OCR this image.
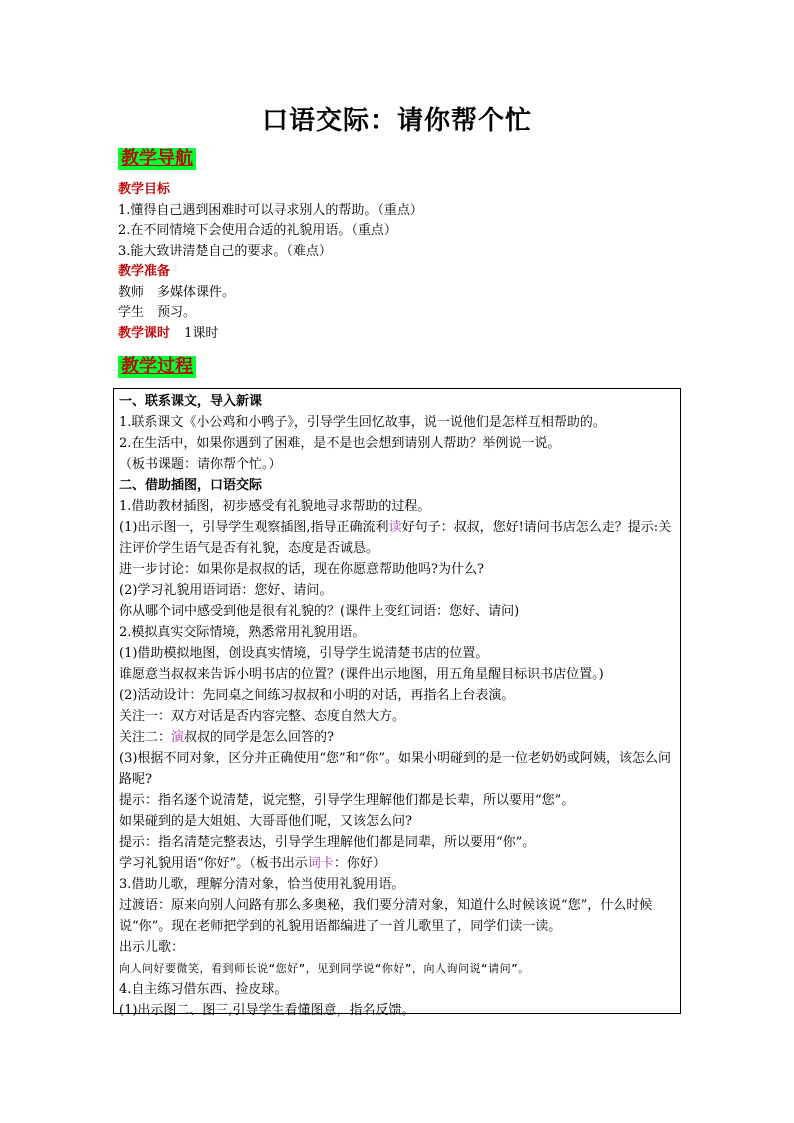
口语交际：请你帮个忙
教学导航
教学目标
1.懂得自己遇到困难时可以寻求别人的帮助。（重点）
2.在不同情境下会使用合适的礼貌用语。（重点）
3.能大致讲清楚自己的要求。（难点）
教学准备
教师　多媒体课件。
学生　预习。
教学课时 1课时
教学过程
一、联系课文，导入新课
1.联系课文《小公鸡和小鸭子》，引导学生回忆故事，说一说他们是怎样互相帮助的。
2.在生活中，如果你遇到了困难，是不是也会想到请别人帮助？举例说一说。
（板书课题：请你帮个忙。）
二、借助插图，口语交际
1.借助教材插图，初步感受有礼貌地寻求帮助的过程。
(1)出示图一，引导学生观察插图,指导正确流利读好句子：叔叔，您好!请问书店怎么走？提示:关注评价学生语气是否有礼貌，态度是否诚恳。
进一步讨论：如果你是叔叔的话，现在你愿意帮助他吗?为什么?
(2)学习礼貌用语词语：您好、请问。
你从哪个词中感受到他是很有礼貌的？(课件上变红词语：您好、请问)
2.模拟真实交际情境，熟悉常用礼貌用语。
(1)借助模拟地图，创设真实情境，引导学生说清楚书店的位置。
谁愿意当叔叔来告诉小明书店的位置？(课件出示地图，用五角星醒目标识书店位置。)
(2)活动设计：先同桌之间练习叔叔和小明的对话，再指名上台表演。
关注一：双方对话是否内容完整、态度自然大方。
关注二：演叔叔的同学是怎么回答的?
(3)根据不同对象，区分并正确使用“您”和“你”。如果小明碰到的是一位老奶奶或阿姨，该怎么问路呢?
提示：指名逐个说清楚，说完整，引导学生理解他们都是长辈，所以要用“您”。
如果碰到的是大姐姐、大哥哥他们呢，又该怎么问?
提示：指名清楚完整表达，引导学生理解他们都是同辈，所以要用“你”。
学习礼貌用语“你好”。（板书出示词卡：你好）
3.借助儿歌，理解分清对象，恰当使用礼貌用语。
过渡语：原来向别人问路有那么多奥秘，我们要分清对象，知道什么时候该说“您”，什么时候说“你”。现在老师把学到的礼貌用语都编进了一首儿歌里了，同学们读一读。
出示儿歌：
向人问好要微笑，看到师长说“您好”，见到同学说“你好”，向人询问说“请问”。
4.自主练习借东西、捡皮球。
(1)出示图二、图三,引导学生看懂图意，指名反馈。
